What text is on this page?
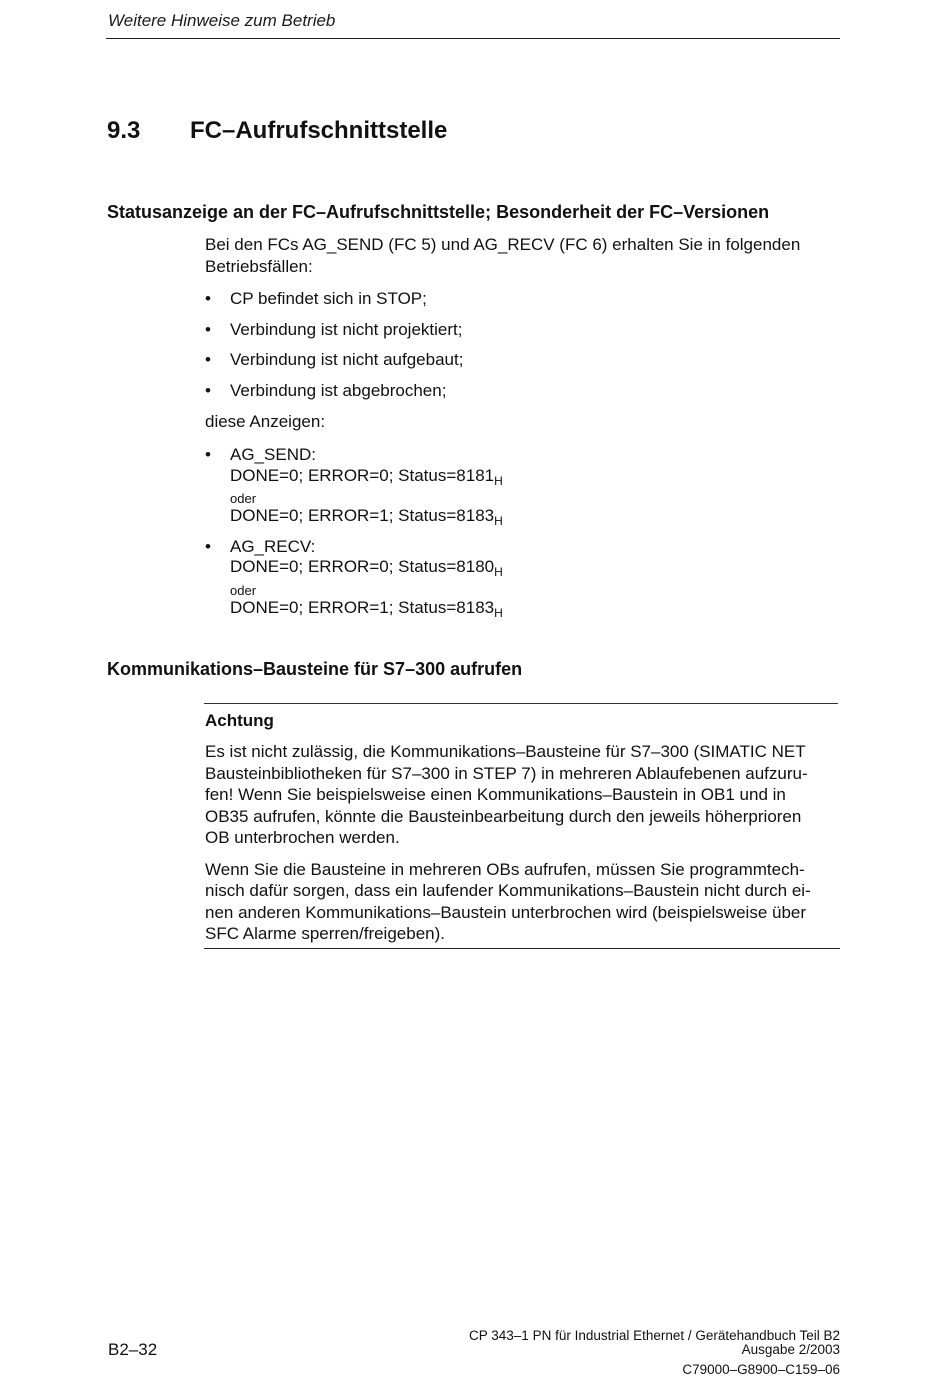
Weitere Hinweise zum Betrieb
9.3 FC–Aufrufschnittstelle
Statusanzeige an der FC–Aufrufschnittstelle; Besonderheit der FC–Versionen
Bei den FCs AG_SEND (FC 5) und AG_RECV (FC 6) erhalten Sie in folgenden
Betriebsfällen:
• CP befindet sich in STOP;
• Verbindung ist nicht projektiert;
• Verbindung ist nicht aufgebaut;
• Verbindung ist abgebrochen;
diese Anzeigen:
• AG_SEND:
DONE=0; ERROR=0; $Status=8181_H$
oder
DONE=0; ERROR=1; $Status=8183_H$
• AG_RECV:
DONE=0; ERROR=0; $Status=8180_H$
oder
DONE=0; ERROR=1; $Status=8183_H$
Kommunikations–Bausteine für S7–300 aufrufen
Achtung
Es ist nicht zulässig, die Kommunikations–Bausteine für S7–300 (SIMATIC NET
Bausteinbibliotheken für S7–300 in STEP 7) in mehreren Ablaufebenen aufzuru-
fen! Wenn Sie beispielsweise einen Kommunikations–Baustein in OB1 und in
OB35 aufrufen, könnte die Bausteinbearbeitung durch den jeweils höherprioren
OB unterbrochen werden.
Wenn Sie die Bausteine in mehreren OBs aufrufen, müssen Sie programmtech-
nisch dafür sorgen, dass ein laufender Kommunikations–Baustein nicht durch ei-
nen anderen Kommunikations–Baustein unterbrochen wird (beispielsweise über
SFC Alarme sperren/freigeben).
B2–32
CP 343–1 PN für Industrial Ethernet / Gerätehandbuch Teil B2
Ausgabe 2/2003
C79000–G8900–C159–06
